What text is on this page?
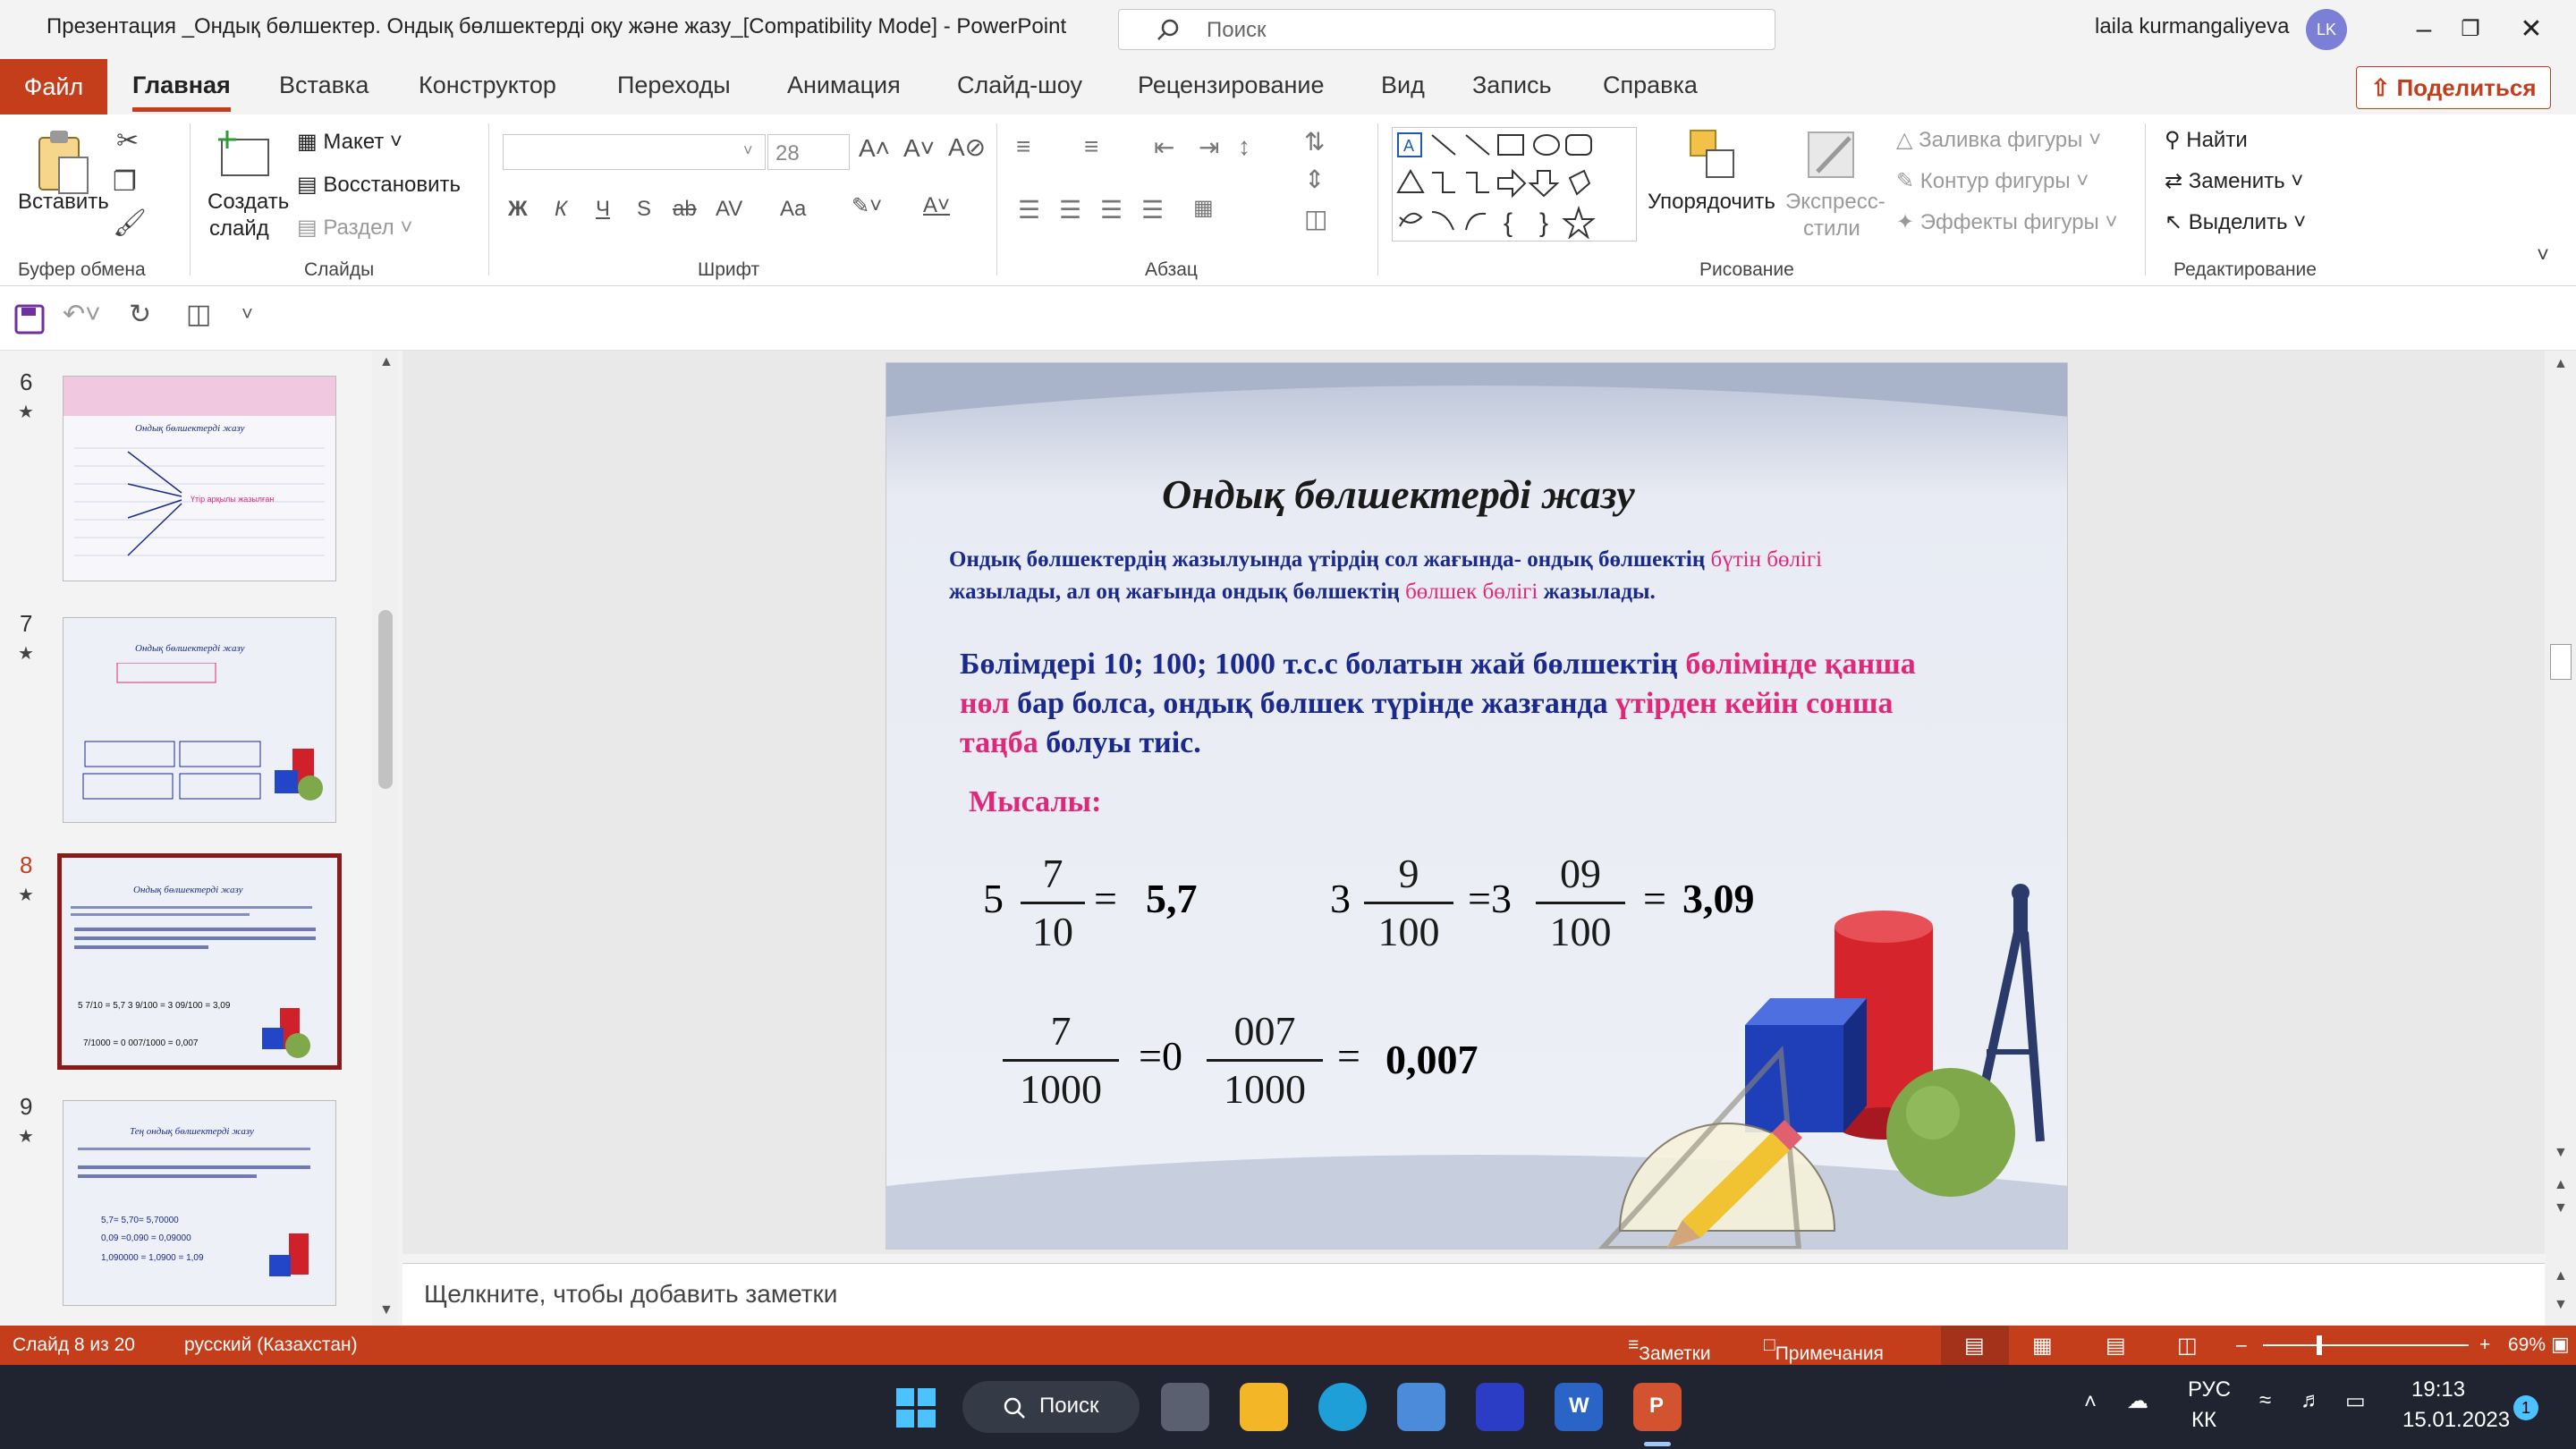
Презентация _Ондық бөлшектер. Ондық бөлшектерді оқу және жазу_[Compatibility Mode] - PowerPoint	Поиск	laila kurmangaliyeva	LK	–	❐	✕
Файл	Главная Вставка Конструктор	Переходы Анимация Слайд-шоу Рецензирование Вид Запись Справка	⇧ Поделиться
Вставить
✂
❐
🖌
Буфер обмена
Создать
слайд
▦ Макет ˅
▤ Восстановить
▤ Раздел ˅
Слайды
˅ 28 A˄ A˅ A⊘
Ж К Ч S ab AV Aa ✎˅ A˅
Шрифт
≡ ≡ ⇤ ⇥ ↕ ⇅
⇕
◫
☰ ☰ ☰ ☰ ▦
Абзац
A
{ }
Упорядочить Экспресс-
стили
△ Заливка фигуры ˅
✎ Контур фигуры ˅
✦ Эффекты фигуры ˅
Рисование
⚲ Найти
⇄ Заменить ˅
↖ Выделить ˅
Редактирование
˅
↶˅ ↻ ◫ ˅
6
★
Ондық бөлшектерді жазу
Үтір арқылы жазылған
7
★	Ондық бөлшектерді жазу
8
★	Ондық бөлшектерді жазу
5 7/10 = 5,7 3 9/100 = 3 09/100 = 3,09
7/1000 = 0 007/1000 = 0,007
9
★	Тең ондық бөлшектерді жазу
5,7= 5,70= 5,70000
0,09 =0,090 = 0,09000
1,090000 = 1,0900 = 1,09
▲
▼
▲
▼
▲
▼
▲
▼
Ондық бөлшектерді жазу
Ондық бөлшектердің жазылуында үтірдің сол жағында- ондық бөлшектің бүтін бөлігі
жазылады, ал оң жағында ондық бөлшектің бөлшек бөлігі жазылады.
Бөлімдері 10; 100; 1000 т.с.с болатын жай бөлшектің бөлімінде қанша
нөл бар болса, ондық бөлшек түрінде жазғанда үтірден кейін сонша
таңба болуы тиіс.
Мысалы:
5
7
10
= 5,7	3
9
100
=3
09
100
= 3,09
7
1000
=0
007
1000
= 0,007
Щелкните, чтобы добавить заметки
Слайд 8 из 20	русский (Казахстан)	≡ Заметки	□ Примечания	▤ ▦ ▤ ◫ –	+ 69% ▣
Поиск	W	P	˄ ☁ РУС
КК
≈ ♬ ▭ 19:13
15.01.2023 1
